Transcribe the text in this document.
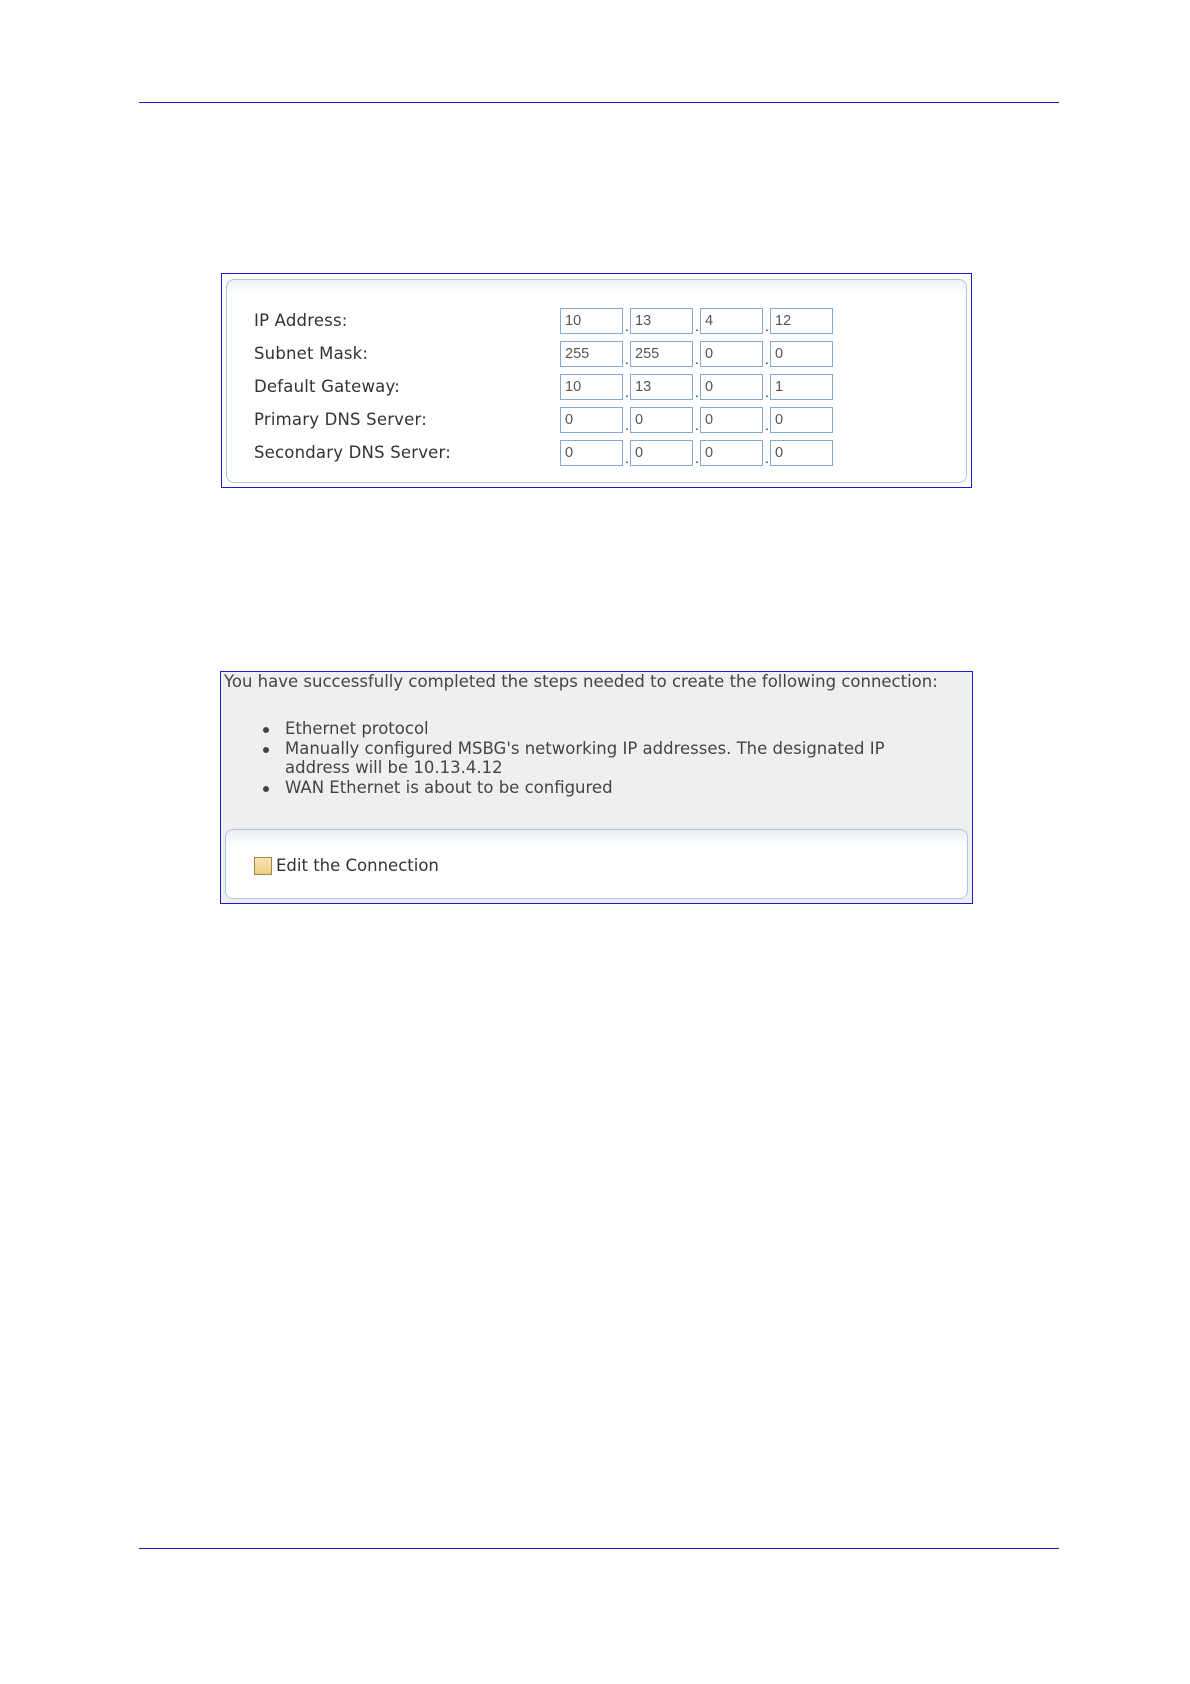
IP Address:	10	. 13	. 4	. 12
Subnet Mask:	255	. 255	. 0	. 0
Default Gateway:	10	. 13	. 0	. 1
Primary DNS Server:	0	. 0	. 0	. 0
Secondary DNS Server:	0	. 0	. 0	. 0
You have successfully completed the steps needed to create the following connection:
Ethernet protocol
Manually configured MSBG's networking IP addresses. The designated IP address will be 10.13.4.12
WAN Ethernet is about to be configured
Edit the Connection
